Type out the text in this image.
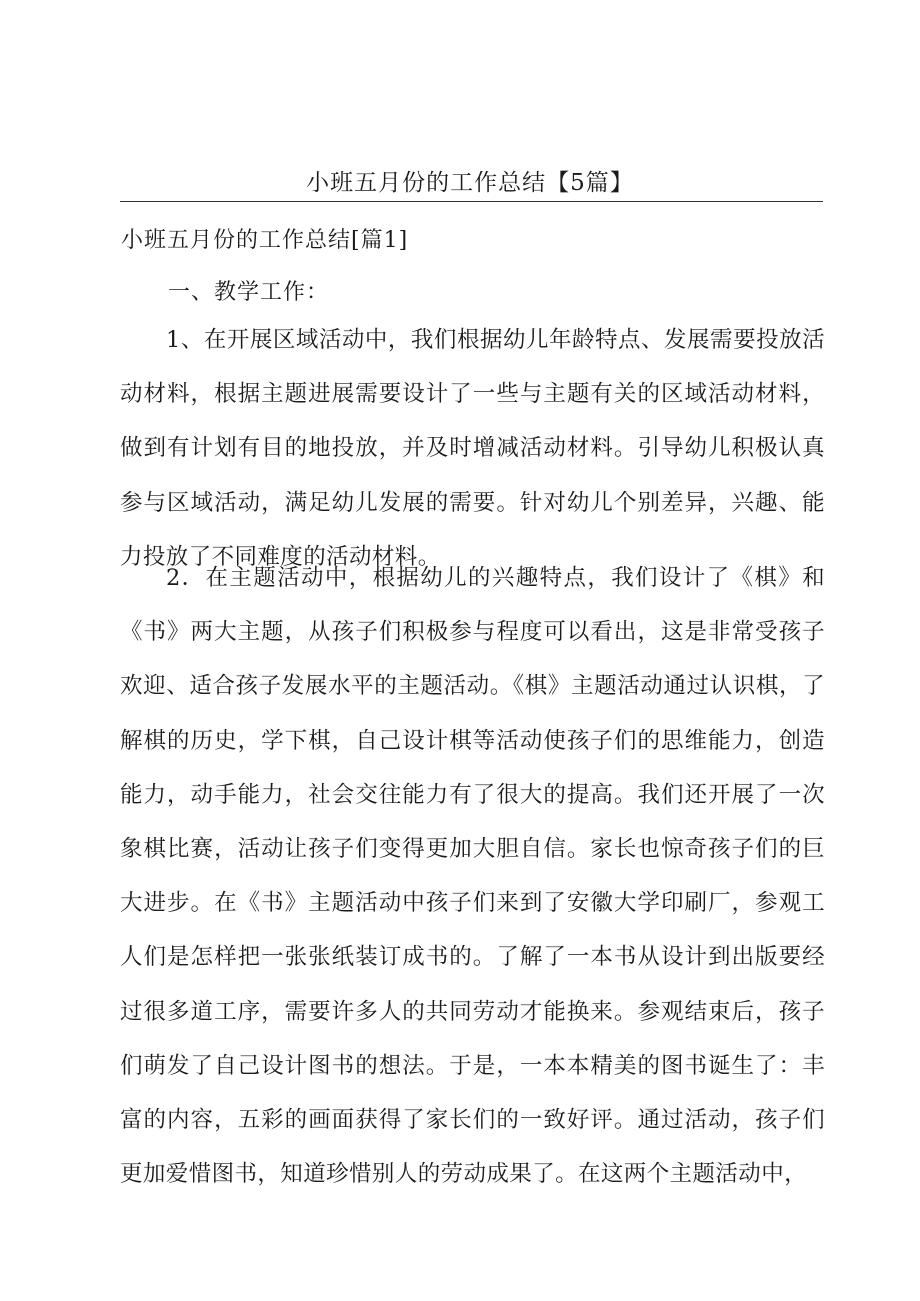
小班五月份的工作总结【5篇】
小班五月份的工作总结[篇1]
一、教学工作：

1、在开展区域活动中，我们根据幼儿年龄特点、发展需要投放活动材料，根据主题进展需要设计了一些与主题有关的区域活动材料，做到有计划有目的地投放，并及时增减活动材料。引导幼儿积极认真参与区域活动，满足幼儿发展的需要。针对幼儿个别差异，兴趣、能力投放了不同难度的活动材料。

2．在主题活动中，根据幼儿的兴趣特点，我们设计了《棋》和《书》两大主题，从孩子们积极参与程度可以看出，这是非常受孩子欢迎、适合孩子发展水平的主题活动。《棋》主题活动通过认识棋，了解棋的历史，学下棋，自己设计棋等活动使孩子们的思维能力，创造能力，动手能力，社会交往能力有了很大的提高。我们还开展了一次象棋比赛，活动让孩子们变得更加大胆自信。家长也惊奇孩子们的巨大进步。在《书》主题活动中孩子们来到了安徽大学印刷厂，参观工人们是怎样把一张张纸装订成书的。了解了一本书从设计到出版要经过很多道工序，需要许多人的共同劳动才能换来。参观结束后，孩子们萌发了自己设计图书的想法。于是，一本本精美的图书诞生了：丰富的内容，五彩的画面获得了家长们的一致好评。通过活动，孩子们更加爱惜图书，知道珍惜别人的劳动成果了。在这两个主题活动中，
